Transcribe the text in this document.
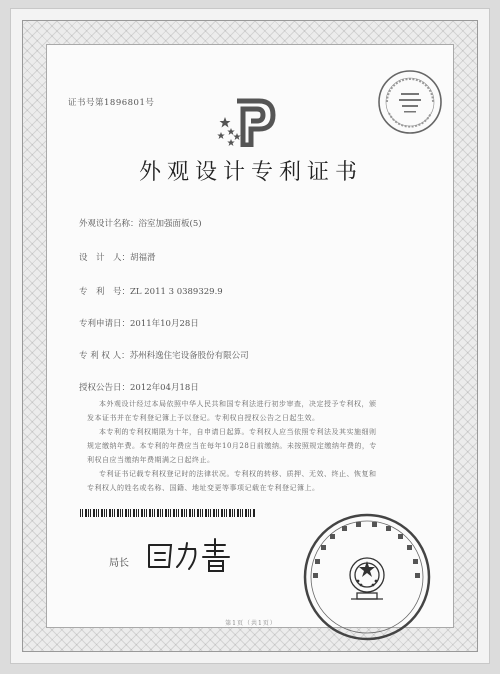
证书号第1896801号
外观设计专利证书
外观设计名称：浴室加强面板(5)
设　计　人：胡福滑
专　利　号：ZL 2011 3 0389329.9
专利申请日：2011年10月28日
专 利 权 人：苏州科逸住宅设备股份有限公司
授权公告日：2012年04月18日

本外观设计经过本局依照中华人民共和国专利法进行初步审查，决定授予专利权，颁

发本证书并在专利登记簿上予以登记。专利权自授权公告之日起生效。

本专利的专利权期限为十年，自申请日起算。专利权人应当依照专利法及其实施细则

规定缴纳年费。本专利的年费应当在每年10月28日前缴纳。未按照规定缴纳年费的，专

利权自应当缴纳年费期满之日起终止。

专利证书记载专利权登记时的法律状况。专利权的转移、质押、无效、终止、恢复和

专利权人的姓名或名称、国籍、地址变更等事项记载在专利登记簿上。

局长
第1页（共1页）
